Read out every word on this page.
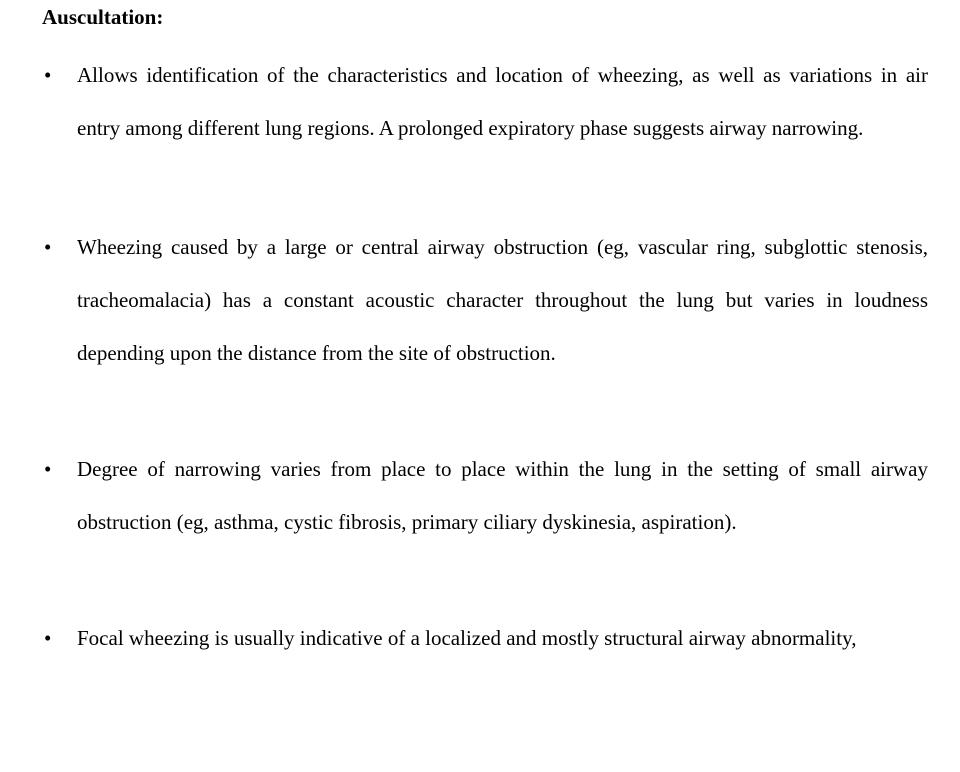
Auscultation:
• Allows identification of the characteristics and location of wheezing, as well as variations in air entry among different lung regions. A prolonged expiratory phase suggests airway narrowing.

• Wheezing caused by a large or central airway obstruction (eg, vascular ring, subglottic stenosis, tracheomalacia) has a constant acoustic character throughout the lung but varies in loudness depending upon the distance from the site of obstruction.

• Degree of narrowing varies from place to place within the lung in the setting of small airway obstruction (eg, asthma, cystic fibrosis, primary ciliary dyskinesia, aspiration).

• Focal wheezing is usually indicative of a localized and mostly structural airway abnormality,
